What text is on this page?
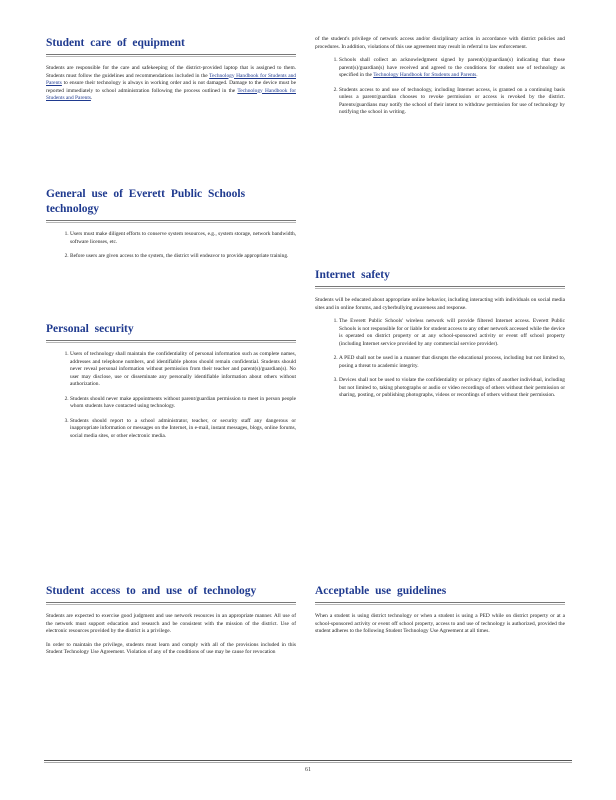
Student care of equipment

Students are responsible for the care and safekeeping of the district-provided laptop that is assigned to them. Students must follow the guidelines and recommendations included in the Technology Handbook for Students and Parents to ensure their technology is always in working order and is not damaged. Damage to the device must be reported immediately to school administration following the process outlined in the Technology Handbook for Students and Parents.

General use of Everett Public Schools technology
1. Users must make diligent efforts to conserve system resources, e.g., system storage, network bandwidth, software licenses, etc.
2. Before users are given access to the system, the district will endeavor to provide appropriate training.
Personal security
1. Users of technology shall maintain the confidentiality of personal information such as complete names, addresses and telephone numbers, and identifiable photos should remain confidential. Students should never reveal personal information without permission from their teacher and parent(s)/guardian(s). No user may disclose, use or disseminate any personally identifiable information about others without authorization.
2. Students should never make appointments without parent/guardian permission to meet in person people whom students have contacted using technology.
3. Students should report to a school administrator, teacher, or security staff any dangerous or inappropriate information or messages on the Internet, in e-mail, instant messages, blogs, online forums, social media sites, or other electronic media.
Student access to and use of technology

Students are expected to exercise good judgment and use network resources in an appropriate manner. All use of the network must support education and research and be consistent with the mission of the district. Use of electronic resources provided by the district is a privilege.

In order to maintain the privilege, students must learn and comply with all of the provisions included in this Student Technology Use Agreement. Violation of any of the conditions of use may be cause for revocation

of the student's privilege of network access and/or disciplinary action in accordance with district policies and procedures. In addition, violations of this use agreement may result in referral to law enforcement.

1. Schools shall collect an acknowledgment signed by parent(s)/guardian(s) indicating that those parent(s)/guardian(s) have received and agreed to the conditions for student use of technology as specified in the Technology Handbook for Students and Parents.
2. Students access to and use of technology, including Internet access, is granted on a continuing basis unless a parent/guardian chooses to revoke permission or access is revoked by the district. Parents/guardians may notify the school of their intent to withdraw permission for use of technology by notifying the school in writing.
Internet safety

Students will be educated about appropriate online behavior, including interacting with individuals on social media sites and in online forums, and cyberbullying awareness and response.

1. The Everett Public Schools' wireless network will provide filtered Internet access. Everett Public Schools is not responsible for or liable for student access to any other network accessed while the device is operated on district property or at any school-sponsored activity or event off school property (including Internet service provided by any commercial service provider).
2. A PED shall not be used in a manner that disrupts the educational process, including but not limited to, posing a threat to academic integrity.
3. Devices shall not be used to violate the confidentiality or privacy rights of another individual, including but not limited to, taking photographs or audio or video recordings of others without their permission or sharing, posting, or publishing photographs, videos or recordings of others without their permission.
Acceptable use guidelines

When a student is using district technology or when a student is using a PED while on district property or at a school-sponsored activity or event off school property, access to and use of technology is authorized, provided the student adheres to the following Student Technology Use Agreement at all times.

61
